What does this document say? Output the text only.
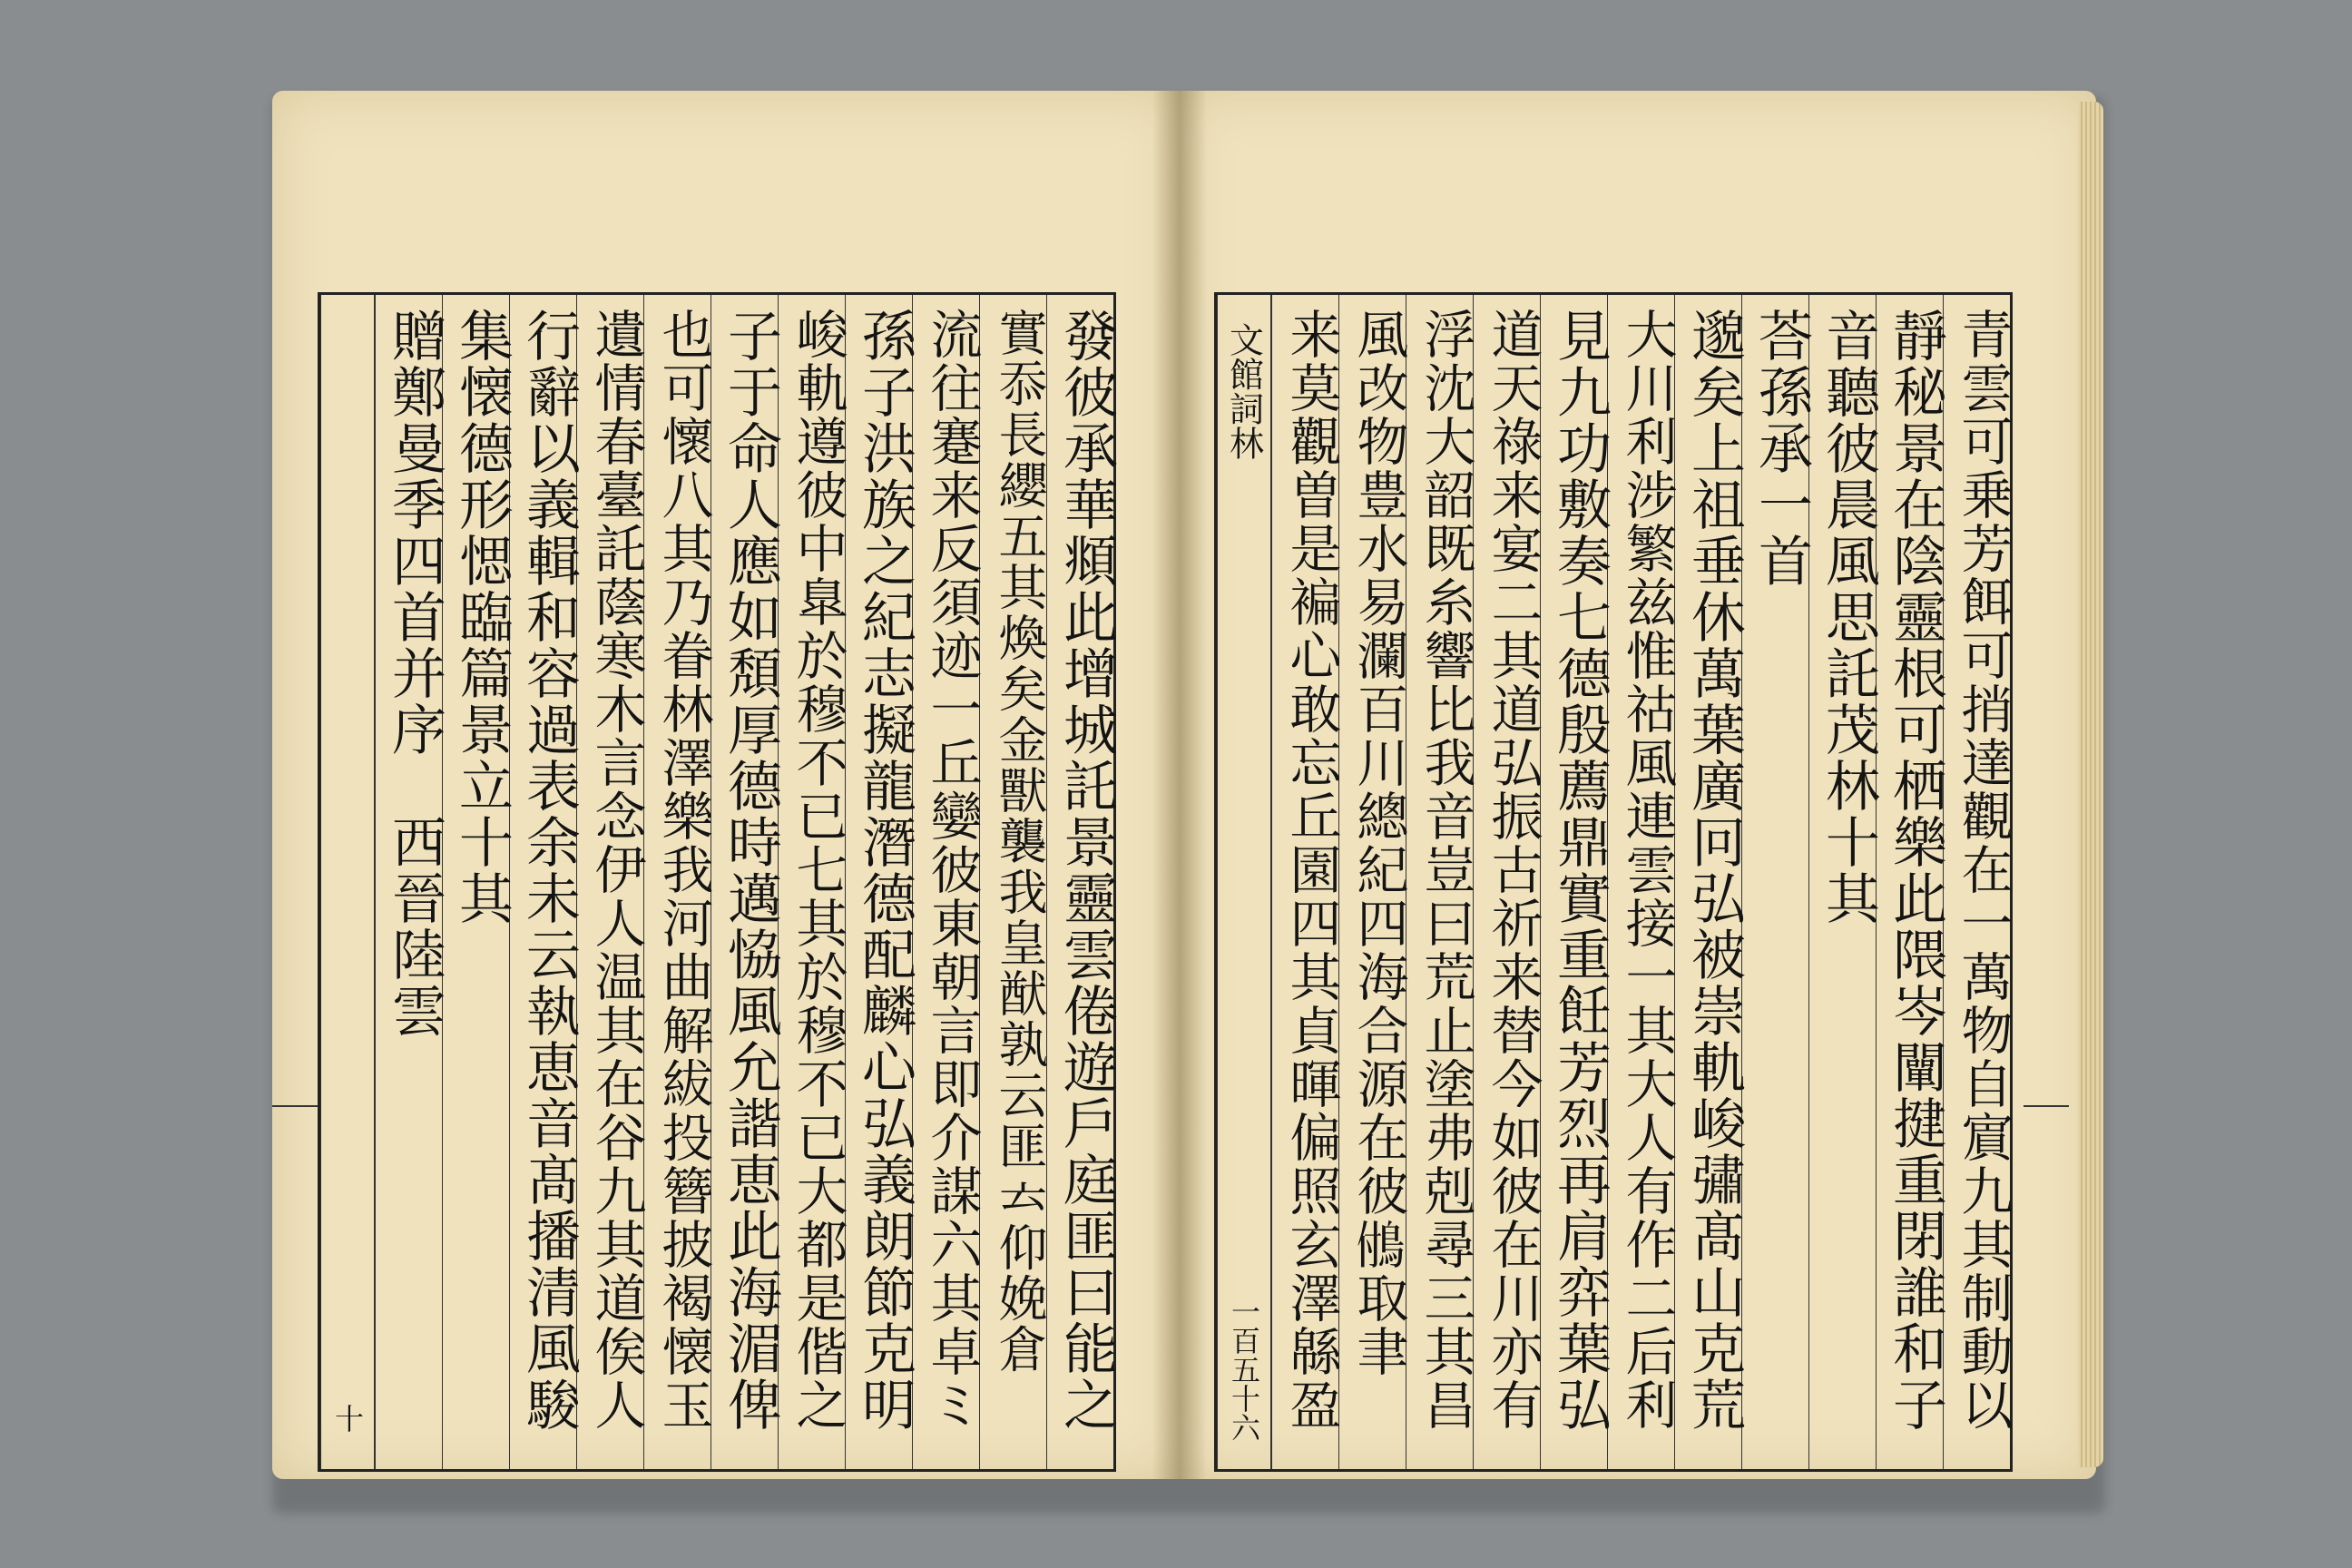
發彼承華頫此增城託景靈雲倦遊戶庭匪曰能之
實忝長纓五其煥矣金獸襲我皇猷孰云匪𠫓仰娩倉
流往蹇来反須迹一丘孌彼東朝言即介謀六其卓ミ
孫子洪族之紀志擬龍潛德配麟心弘義朗節克明
峻軌遵彼中臯於穆不已七其於穆不已大都是偕之
子于命人應如頽厚德時邁恊風允諧恵此海湄俾
也可懷八其乃眷林澤樂我河曲解紱投簪披褐懐玉
遺情春臺託蔭寒木言念伊人温其在谷九其道俟人
行辭以義輯和容過表余未云執恵音髙播清風駿
集懐德形愢臨篇景立十其
贈鄭曼季四首并序　西晉陸雲
十	青雲可乗芳餌可捎達觀在一萬物自賔九其制動以
靜秘景在陰靈根可栖樂此隈岑闡揵重閉誰和子
音聽彼晨風思託茂林十其
荅孫承一首
邈矣上祖垂休萬葉廣冋弘被崇軌峻彇髙山克荒
大川利涉繁兹惟祜風連雲接一其大人有作二后利
見九功敷奏七德殷薦鼎實重飪芳烈再肩弈葉弘
道天祿来宴二其道弘振古祈来替今如彼在川亦有
浮沈大韶既糸響比我音豈曰荒止塗弗剋尋三其昌
風改物豊水易瀾百川總紀四海合源在彼𩿧取聿
来莫觀曽是褊心敢忘丘園四其貞暉偏照玄澤緜盈
文館詞林
一百五十六
